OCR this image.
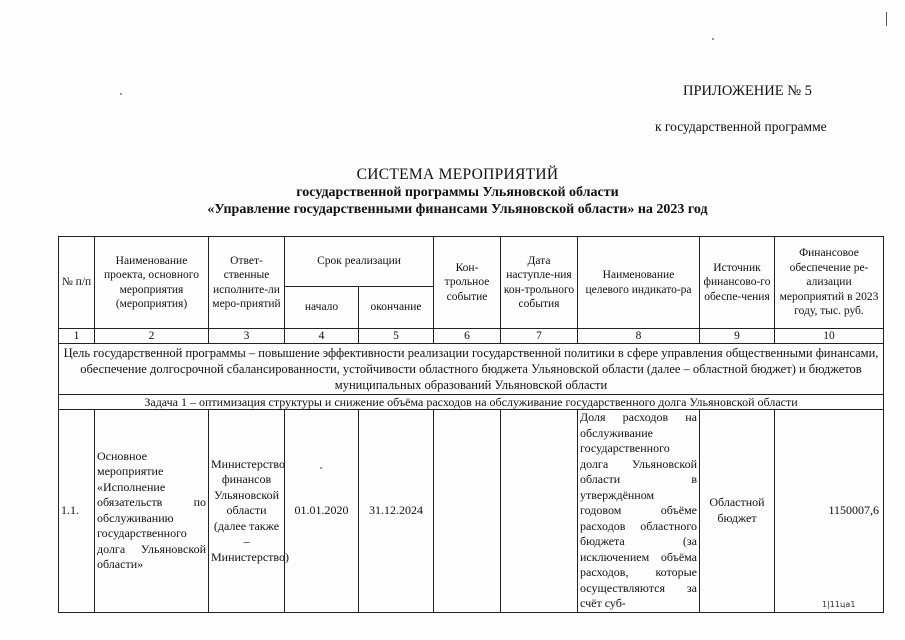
ПРИЛОЖЕНИЕ № 5
к государственной программе
СИСТЕМА МЕРОПРИЯТИЙ
государственной программы Ульяновской области
«Управление государственными финансами Ульяновской области» на 2023 год
№ п/п	Наименование проекта, основного мероприятия (мероприятия)	Ответ-ственные исполните-ли меро-приятий	Срок реализации		Кон-трольное событие	Дата наступле-ния кон-трольного события	Наименование целевого индикато-ра	Источник финансово-го обеспе-чения	Финансовое обеспечение ре-ализации мероприятий в 2023 году, тыс. руб.
			начало	окончание					
1	2	3	4	5	6	7	8	9	10
Цель государственной программы – повышение эффективности реализации государственной политики в сфере управления общественными финансами, обеспечение долгосрочной сбалансированности, устойчивости областного бюджета Ульяновской области (далее – областной бюджет) и бюджетов муниципальных образований Ульяновской области									
Задача 1 – оптимизация структуры и снижение объёма расходов на обслуживание государственного долга Ульяновской области									
1.1.	Основное мероприятие «Исполнение обязательств по обслуживанию государственного долга Ульяновской области»	Министерство финансов Ульяновской области (далее также – Министерство)	01.01.2020	31.12.2024			Доля расходов на обслуживание государственного долга Ульяновской области в утверждённом годовом объёме расходов областного бюджета (за исключением объёма расходов, которые осуществляются за счёт суб-	Областной бюджет	1150007,6
1|11ца1
